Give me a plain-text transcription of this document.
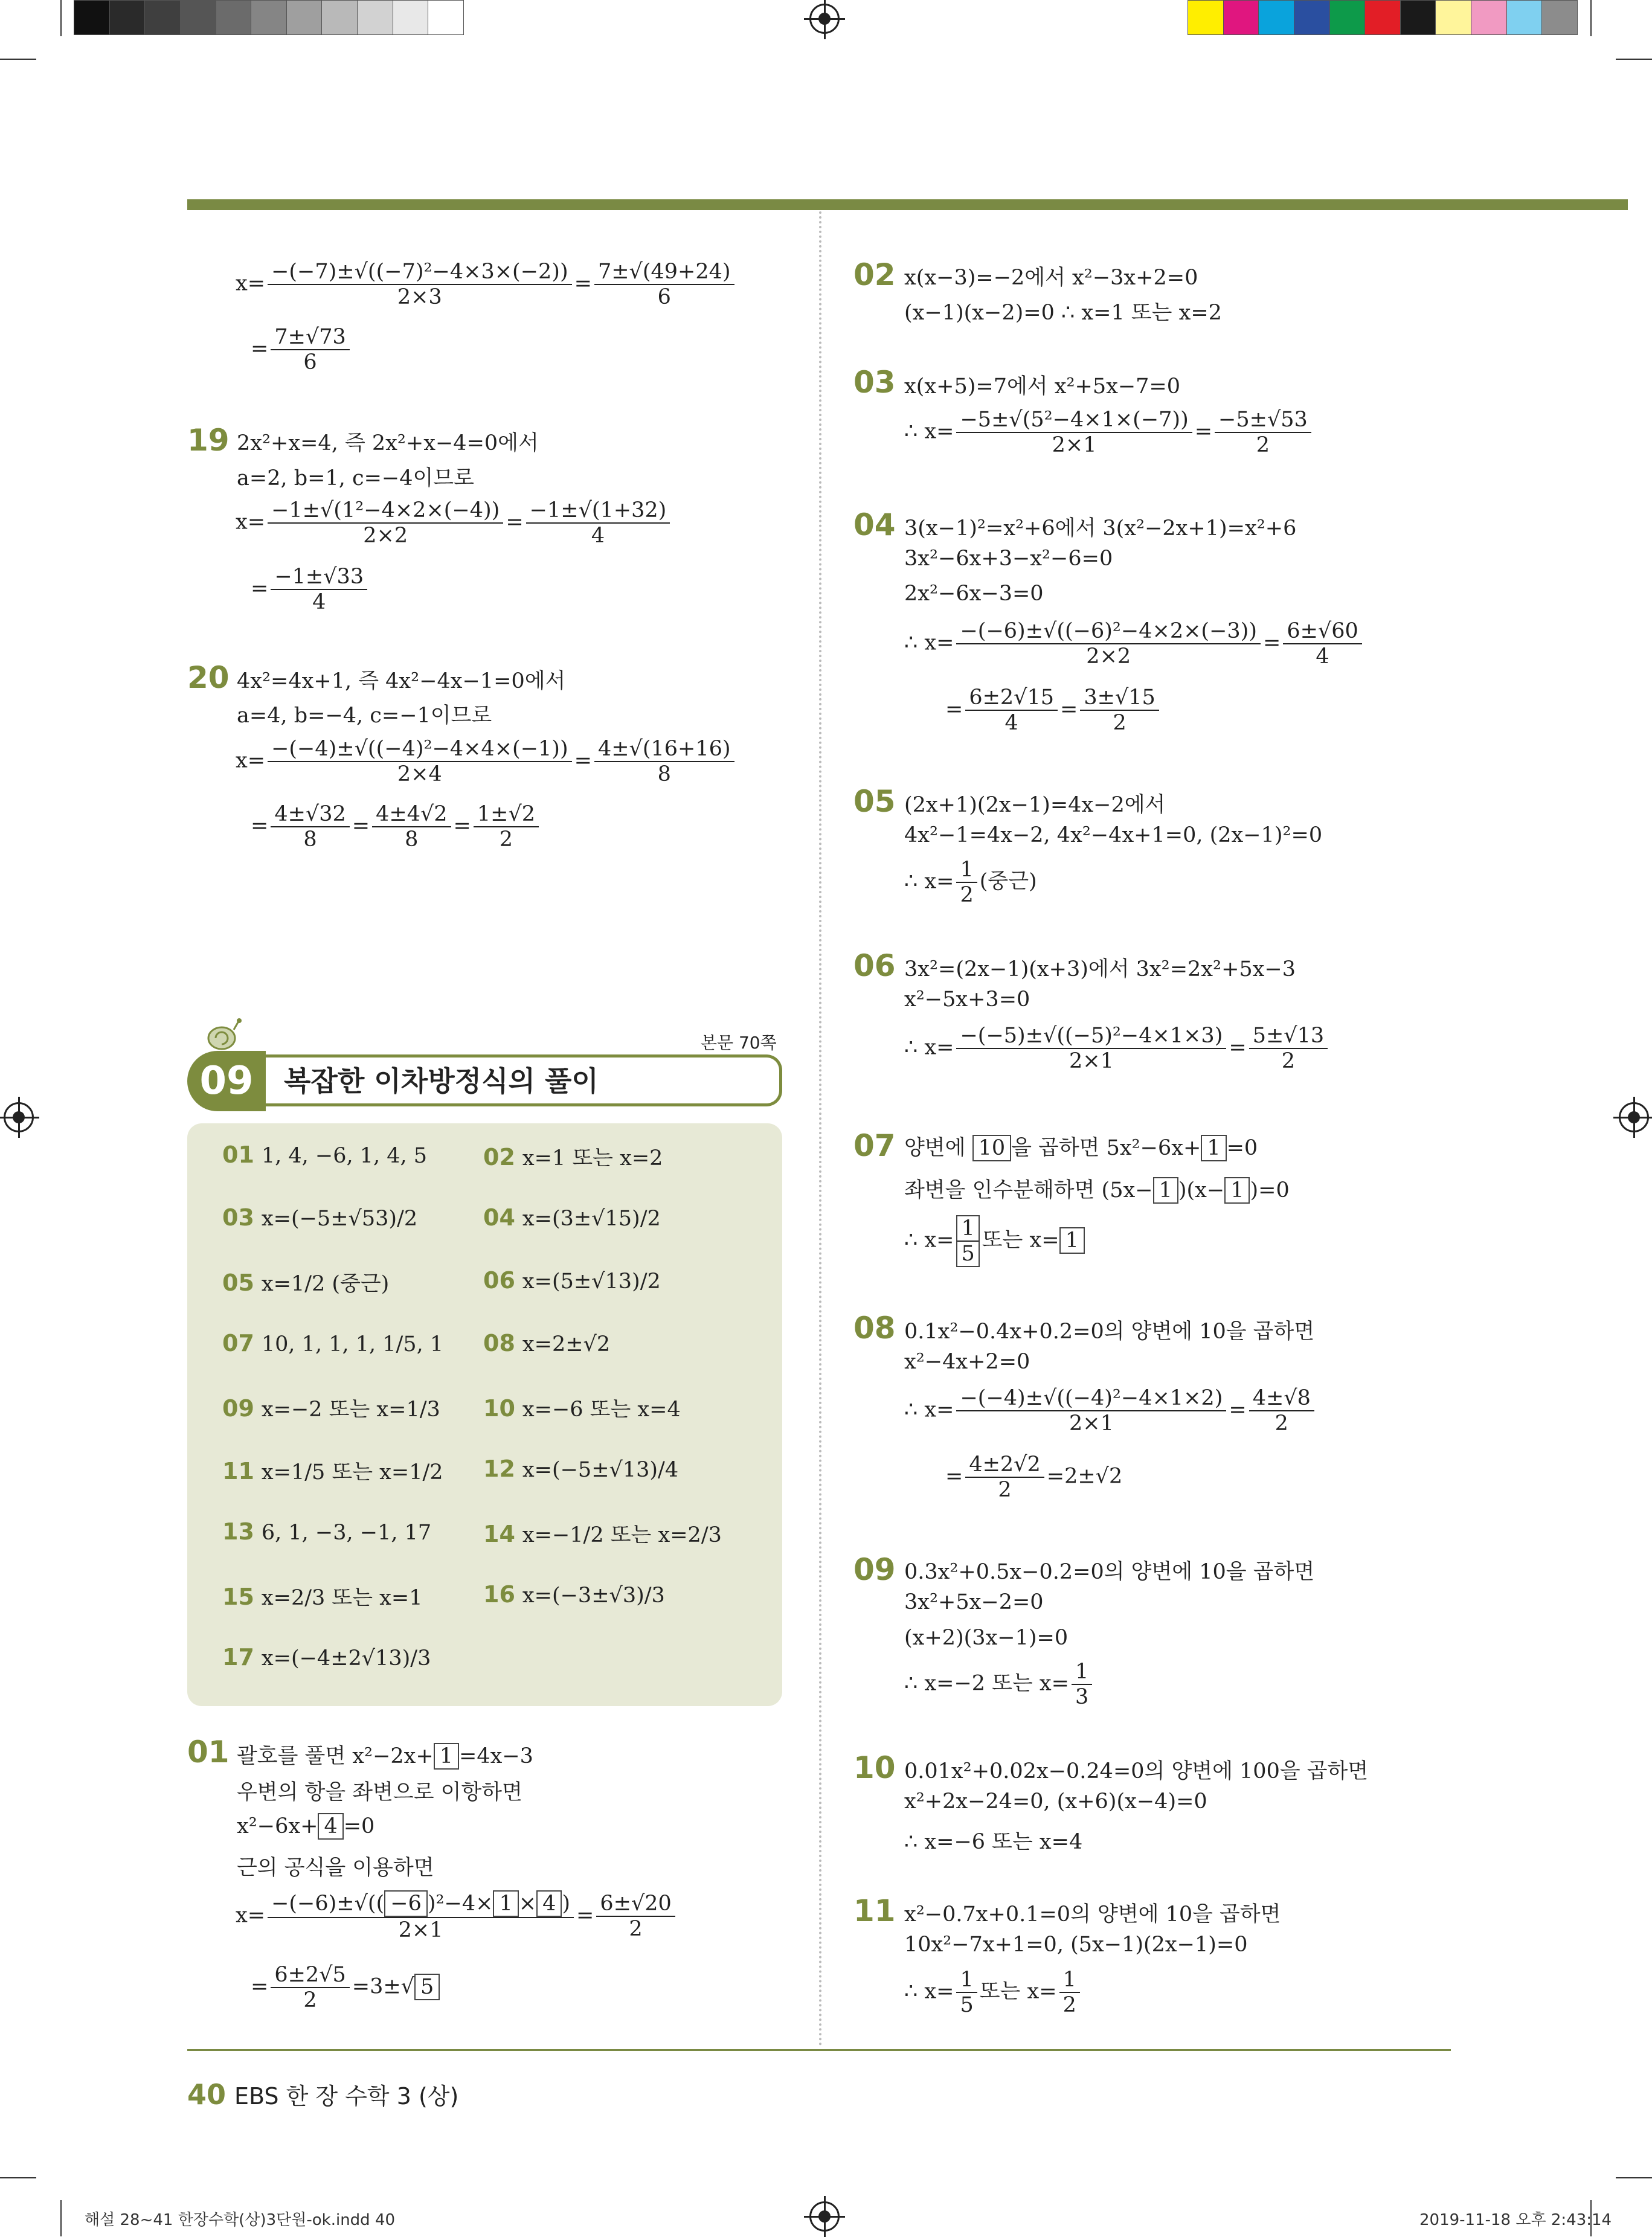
$x= \frac{\text{−(−7)±√((−7)²−4×3×(−2))}}{2\times 3} = \frac{7\pm√(49+24)}{6}$
= $\frac{7\pm√73}{6}$
19 2x²+x=4, 즉 2x²+x−4=0에서
a=2, b=1, c=−4이므로
$x= \frac{\text{−1±√(1²−4×2×(−4))}}{2\times 2} = \frac{-1\pm√(1+32)}{4}$
= $\frac{-1\pm√33}{4}$
20 4x²=4x+1, 즉 4x²−4x−1=0에서
a=4, b=−4, c=−1이므로
$x= \frac{\text{−(−4)±√((−4)²−4×4×(−1))}}{2\times 4} = \frac{4\pm√(16+16)}{8}$
= $\frac{4\pm√32}{8} = \frac{4\pm 4√2}{8} = \frac{1\pm√2}{2}$
본문 70쪽
09	복잡한 이차방정식의 풀이
01 1, 4, −6, 1, 4, 5 02 x=1 또는 x=2
03 x=(−5±√53)/2	04 x=(3±√15)/2
05 x=1/2 (중근)	06 x=(5±√13)/2
07 10, 1, 1, 1, 1/5, 1 08 x=2±√2
09 x=−2 또는 x=1/3 10 x=−6 또는 x=4
11 x=1/5 또는 x=1/2 12 x=(−5±√13)/4
13 6, 1, −3, −1, 17 14 x=−1/2 또는 x=2/3
15 x=2/3 또는 x=1	16 x=(−3±√3)/3
17 x=(−4±2√13)/3
01 괄호를 풀면 x²−2x+ 1 =4x−3
우변의 항을 좌변으로 이항하면
x²−6x+ 4 =0
근의 공식을 이용하면
$x= \frac{\text{−(−6)±√(( −6 )²−4× 1 × 4 )}}{2\times 1} = \frac{6\pm√20}{2}$
= $\frac{6\pm 2√5}{2} =3\pm√$ 5
02 x(x−3)=−2에서 x²−3x+2=0
(x−1)(x−2)=0 ∴ x=1 또는 x=2
03 x(x+5)=7에서 x²+5x−7=0
∴ $x= \frac{\text{−5±√(5²−4×1×(−7))}}{2\times 1} = \frac{-5\pm√53}{2}$
04 3(x−1)²=x²+6에서 3(x²−2x+1)=x²+6
3x²−6x+3−x²−6=0
2x²−6x−3=0
∴ $x= \frac{\text{−(−6)±√((−6)²−4×2×(−3))}}{2\times 2} = \frac{6\pm√60}{4}$
= $\frac{6\pm 2√15}{4} = \frac{3\pm√15}{2}$
05 (2x+1)(2x−1)=4x−2에서
4x²−1=4x−2, 4x²−4x+1=0, (2x−1)²=0
∴ $x= \frac{1}{2}$ (중근)
06 3x²=(2x−1)(x+3)에서 3x²=2x²+5x−3
x²−5x+3=0
∴ $x= \frac{\text{−(−5)±√((−5)²−4×1×3)}}{2\times 1} = \frac{5\pm√13}{2}$
07 양변에 10 을 곱하면 5x²−6x+ 1 =0
좌변을 인수분해하면 (5x− 1 )(x− 1 )=0
∴ $x= \frac{1}{5}$ 또는 x= 1
08 0.1x²−0.4x+0.2=0의 양변에 10을 곱하면
x²−4x+2=0
∴ $x= \frac{\text{−(−4)±√((−4)²−4×1×2)}}{2\times 1} = \frac{4\pm√8}{2}$
= $\frac{4\pm 2√2}{2} =2\pm√2$
09 0.3x²+0.5x−0.2=0의 양변에 10을 곱하면
3x²+5x−2=0
(x+2)(3x−1)=0
∴ x=−2 또는 $x= \frac{1}{3}$
10 0.01x²+0.02x−0.24=0의 양변에 100을 곱하면
x²+2x−24=0, (x+6)(x−4)=0
∴ x=−6 또는 x=4
11 x²−0.7x+0.1=0의 양변에 10을 곱하면
10x²−7x+1=0, (5x−1)(2x−1)=0
∴ $x= \frac{1}{5}$ 또는 $x= \frac{1}{2}$
40 EBS 한 장 수학 3 (상)
해설 28~41 한장수학(상)3단원-ok.indd 40	2019-11-18 오후 2:43:14
